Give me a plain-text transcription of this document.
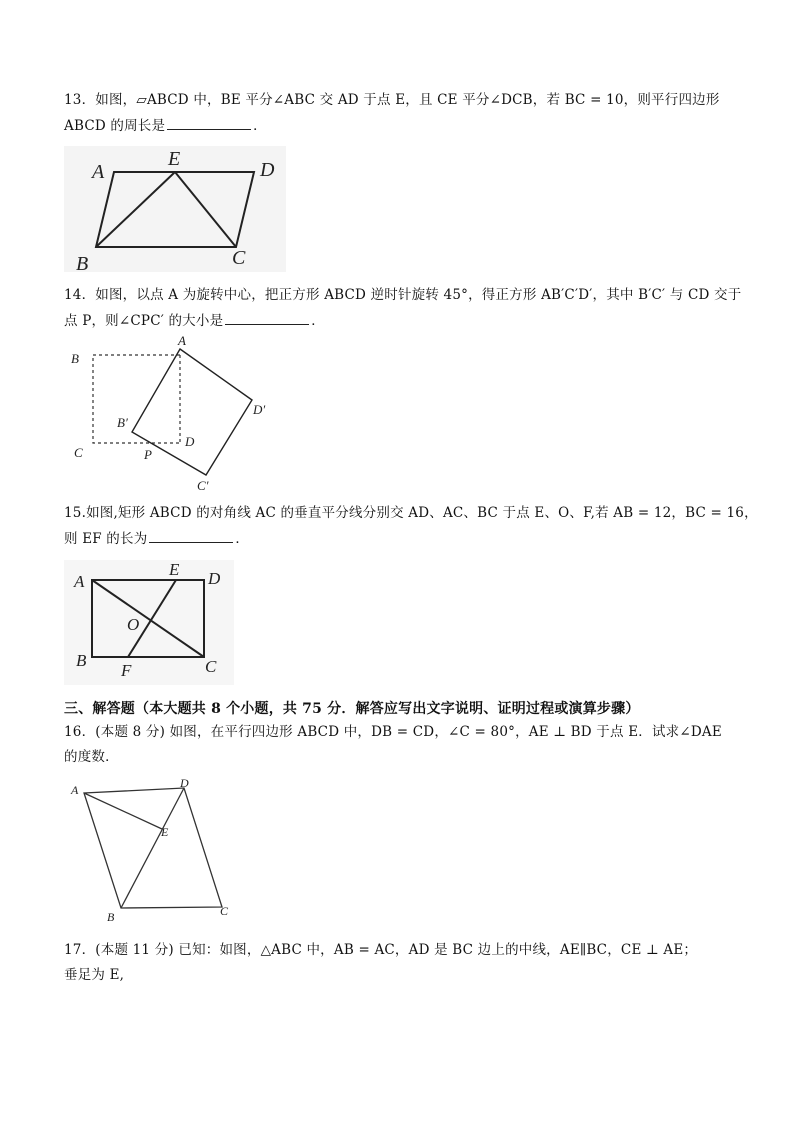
13．如图，▱ABCD 中，BE 平分∠ABC 交 AD 于点 E，且 CE 平分∠DCB，若 BC = 10，则平行四边形
ABCD 的周长是	．
A
E	D
B	C
14．如图，以点 A 为旋转中心，把正方形 ABCD 逆时针旋转 45°，得正方形 AB′C′D′，其中 B′C′ 与 CD 交于
点 P，则∠CPC′ 的大小是	．
B
A
B′
D′
D
C	P
C′
15.如图,矩形 ABCD 的对角线 AC 的垂直平分线分别交 AD、AC、BC 于点 E、O、F,若 AB = 12，BC = 16，
则 EF 的长为	．
A
E D
O
B
F	C
三、解答题（本大题共 8 个小题，共 75 分．解答应写出文字说明、证明过程或演算步骤）
16．(本题 8 分) 如图，在平行四边形 ABCD 中，DB = CD，∠C = 80°，AE ⊥ BD 于点 E．试求∠DAE
的度数．
A	D
E
B	C
17．(本题 11 分) 已知：如图，△ABC 中，AB = AC，AD 是 BC 边上的中线，AE∥BC，CE ⊥ AE；
垂足为 E,
